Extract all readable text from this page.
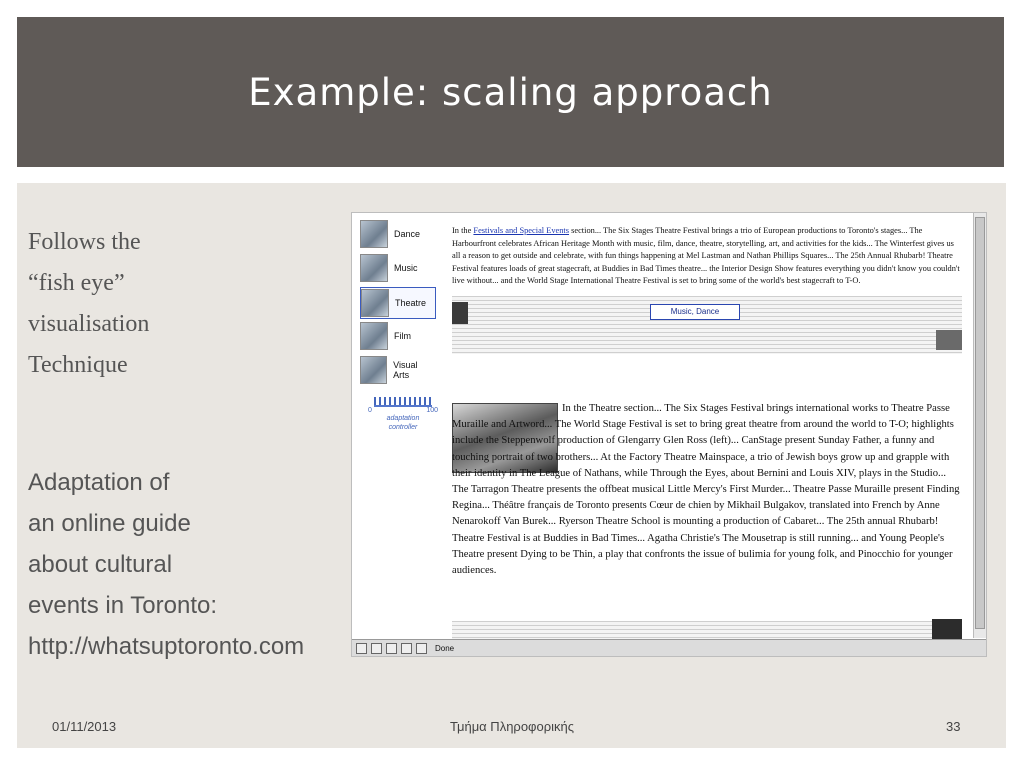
Example: scaling approach
Follows the
“fish eye”
visualisation
Technique
Adaptation of
an online guide
about cultural
events in Toronto:
http://whatsuptoronto.com
Dance
Music
Theatre
Film
Visual Arts
0	100
adaptation
controller

In the Festivals and Special Events section... The Six Stages Theatre Festival brings a trio of European productions to Toronto's stages... The Harbourfront celebrates African Heritage Month with music, film, dance, theatre, storytelling, art, and activities for the kids... The Winterfest gives us all a reason to get outside and celebrate, with fun things happening at Mel Lastman and Nathan Phillips Squares... The 25th Annual Rhubarb! Theatre Festival features loads of great stagecraft, at Buddies in Bad Times theatre... the Interior Design Show features everything you didn't know you couldn't live without... and the World Stage International Theatre Festival is set to bring some of the world's best stagecraft to T-O.

Music, Dance

In the Theatre section... The Six Stages Festival brings international works to Theatre Passe Muraille and Artword... The World Stage Festival is set to bring great theatre from around the world to T-O; highlights include the Steppenwolf production of Glengarry Glen Ross (left)... CanStage present Sunday Father, a funny and touching portrait of two brothers... At the Factory Theatre Mainspace, a trio of Jewish boys grow up and grapple with their identity in The League of Nathans, while Through the Eyes, about Bernini and Louis XIV, plays in the Studio... The Tarragon Theatre presents the offbeat musical Little Mercy's First Murder... Theatre Passe Muraille present Finding Regina... Théâtre français de Toronto presents Cœur de chien by Mikhail Bulgakov, translated into French by Anne Nenarokoff Van Burek... Ryerson Theatre School is mounting a production of Cabaret... The 25th annual Rhubarb! Theatre Festival is at Buddies in Bad Times... Agatha Christie's The Mousetrap is still running... and Young People's Theatre present Dying to be Thin, a play that confronts the issue of bulimia for young folk, and Pinocchio for younger audiences.

Done
01/11/2013	Τμήμα Πληροφορικής	33
